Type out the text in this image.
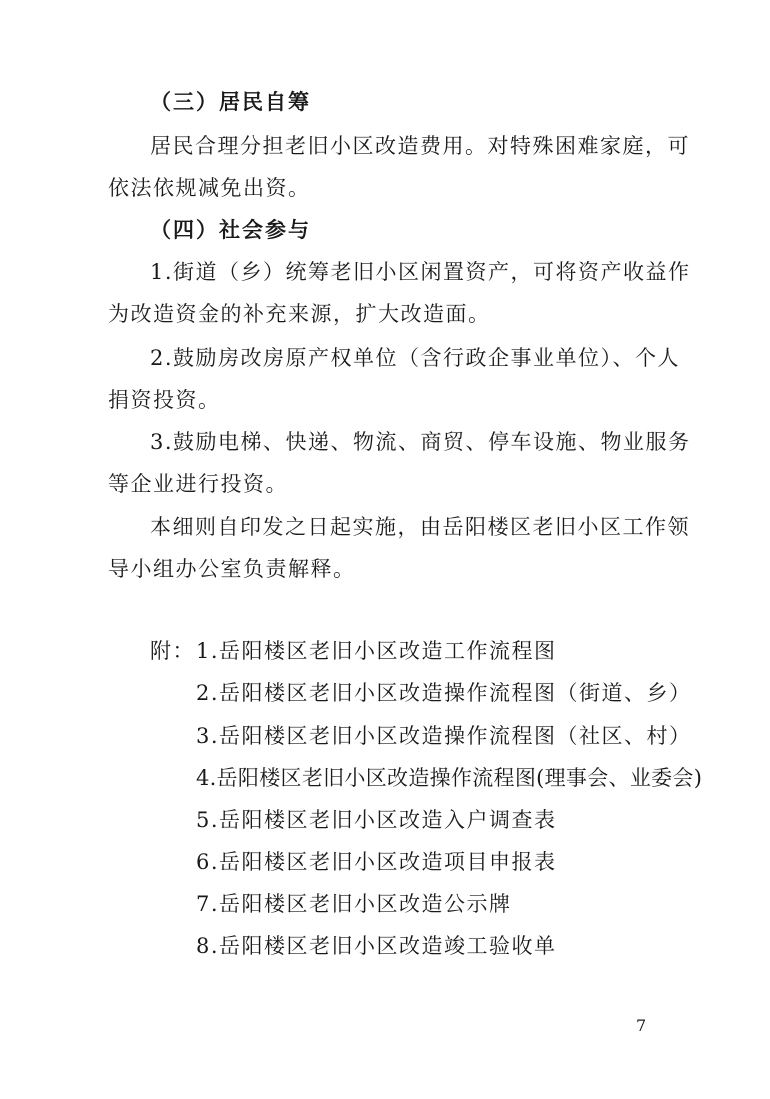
（三）居民自筹
居民合理分担老旧小区改造费用。对特殊困难家庭，可
依法依规减免出资。
（四）社会参与
1.街道（乡）统筹老旧小区闲置资产，可将资产收益作
为改造资金的补充来源，扩大改造面。
2.鼓励房改房原产权单位（含行政企事业单位）、个人
捐资投资。
3.鼓励电梯、快递、物流、商贸、停车设施、物业服务
等企业进行投资。
本细则自印发之日起实施，由岳阳楼区老旧小区工作领
导小组办公室负责解释。
附： 1.岳阳楼区老旧小区改造工作流程图
2.岳阳楼区老旧小区改造操作流程图（街道、乡）
3.岳阳楼区老旧小区改造操作流程图（社区、村）
4.岳阳楼区老旧小区改造操作流程图(理事会、业委会)
5.岳阳楼区老旧小区改造入户调查表
6.岳阳楼区老旧小区改造项目申报表
7.岳阳楼区老旧小区改造公示牌
8.岳阳楼区老旧小区改造竣工验收单
7
